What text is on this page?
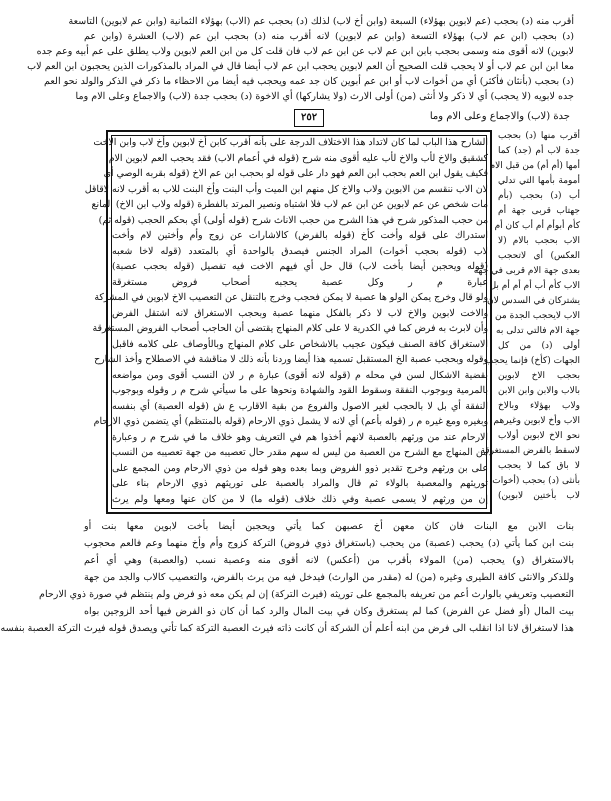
أقرب منه (د) بحجب (عم لابوين بهؤلاء) السبعة (وابن أخ لاب) لذلك (د) بحجب عم (الاب) بهؤلاء الثمانية (وابن عم لابوين) التاسعة
(د) بحجب (ابن عم لاب) بهؤلاء التسعة (وابن عم لابوين) لانه أقرب منه (د) بحجب ابن عم (لاب) العشرة (وابن عم
لابوين) لانه أقوى منه وسمى بحجب بابن ابن عم لاب عن ابن عم لاب فان قلت كل من ابن العم لابوين ولاب يطلق على عم أبيه وعم جده
معا ابن ابن عم لاب أو لا يحجب قلت الصحيح أن العم لابوين يحجب ابن عم لاب أيضا قال في المراد بالمذكورات الذين يحجبون ابن العم لاب
(د) بحجب (بأنثان فأكثر) أي من أخوات لاب أو ابن عم أبوين كان جد عمه ويحجب فيه أيضا من الاحظاء ما ذكر في الذكر والولد نحو العم
جده لابويه (لا يحجب) أي لا ذكر ولا أنثى (من) أولى الارث (ولا يشاركها) أي الاخوة (د) بحجب جدة (لاب) والاجماع وعلى الام وما
جدة (لاب) والاجماع وعلى الام وما
٢٥٢
أقرب منها (د) بحجب
جدة لاب أم (جد) كما
أمها (أم أم) من قبل الام
أمومة بأمها التي تدلي
أب (د) بحجب (بأم
جهتاب قربى جهة أم
كأم أبوأم أم أب كان أم
الاب بحجب بالام (لا
العكس) أي لاتحجب
بعدى جهة الام قربى في جهة
الاب كأم أب أم أم أم بل
يشتركان في السدس لان
الاب لايحجب الجدة من
جهة الام فالتي تدلى به
أولى (د) من كل
الجهات (كأخ) فإنما يحجب
بحجب الاخ لابوين
بالاب والابن وابن الابن
ولاب بهؤلاء وبالاخ
الاب وأخ لابوين وغيرهم
نحو الاخ لابوين أولاب
لاسقط بالفرض المستغرقة
لا باق كما لا يحجب
بأنثى (د) بحجب (أخوات
لاب بأختين لابوين)
الشارح هذا الباب لما كان لاتداد هذا الاختلاف الدرجة على بأنه أقرب كابن أخ لابوين وأخ لاب وابن الاخت
كشقيق والاخ لأب والاخ لأب عليه أقوى منه شرح (قوله في أعمام الاب) فقد يحجب العم لابوين الام
فكيف يقول ابن العم بحجب ابن العم فهو دار على قوله لو بحجب ابن عم الاخ (قوله بقربه الوصي أي
لان الاب ننقسم من الابوين ولاب والاخ كل منهم ابن الميت وأب البنت وأخ البنت للاب به أقرب لانه لاقاقل
مات شخص عن عم لابوين عن ابن عم لاب فلا اشتباه ونصير المرتد بالفطرة (قوله ولاب ابن الاخ) المانع
من حجب المذكور شرح في هذا الشرح من حجب الاناث شرح (قوله أولى) أي بحكم الحجب (قوله ثم)
استدراك على قوله وأخت كأخ (قوله بالفرض) كالاشارات عن زوج وأم وأختين لام وأخت
لاب (قوله بحجب أخوات) المراد الجنس فيصدق بالواحدة أي بالمتعدد (قوله لاخا شعبه
(قوله ويحجبن أيضا بأخت لاب) قال حل أي فيهم الاخت فيه تفصيل (قوله بحجب عصبة)
عبارة م ر وكل عصبة يحجبه أصحاب فروض مستغرقة
ولو قال وخرج يمكن الولو ها عصبة لا يمكن فحجب وخرج بالتنقل عن التعصيب الاخ لابوين في المشركة
والاخت لابوين والاخ لاب لا ذكر بالفكل منهما عصبة وبحجب الاستغراق لانه اشتقل الفرض
وأن لابرث به فرض كما في الكدرية لا على كلام المنهاج يقتضى أن الحاجب أصحاب الفروض المستغرقة
الاستغراق كافة الصنف فيكون عجيب بالاشخاص على كلام المنهاج وبالأوصاف على كلامه فاقبل
وقوله وبحجب عصبة الخ المستقبل تسميه هذا أيضا وردنا بأنه ذلك لا مناقشة في الاصطلاح وأخذ الشارح
بقضية الاشكال لسن في محله م (قوله لانه أقوى) عبارة م ر لان النسب أقوى ومن مواضعه
بالمرمية وبوجوب النفقة وسقوط القود والشهادة ونحوها على ما سيأتي شرح م ر وقوله وبوجوب
النفقة أي بل لا بالحجب لغير الاصول والفروع من بقية الاقارب ع ش (قوله العصبة) أي بنفسه
وبغيره ومع غيره م ر (قوله بأعم) أي لانه لا يشمل ذوي الارحام (قوله بالمنتظم) أي يتضمن ذوي الارحام
الارحام عند من ورثهم بالعصبة لانهم أخذوا هم في التعريف وهو خلاف ما في شرح م ر وعبارة
من المنهاج مع الشرح من العصبة من ليس له سهم مقدر حال تعصيبه من جهة تعصيبه من النسب
على بن ورثهم وخرج تقدير ذوو الفروض وبما بعده وهو قوله من ذوي الارحام ومن المجمع على
توريثهم والمعصبة بالولاء ثم قال والمراد بالعصبة على توريثهم ذوي الارحام بناء على
إن من ورثهم لا يسمى عصبة وفي ذلك خلاف (قوله ما) لا من كان عنها ومعها ولم يرث
بنات الابن مع البنات فان كان معهن أخ عصبهن كما يأتي ويحجبن أيضا بأخت لابوين معها بنت أو
بنت ابن كما يأتي (د) يحجب (عصبة) من يحجب (باستغراق ذوي فروض) التركة كزوج وأم وأخ منهما وعم فالعم محجوب
بالاستغراق (و) يحجب (من) المولاء بأقرب من (أعكس) لانه أقوى منه وعصبة نسب (والعصبة) وهي أي أعم
وللذكر والانثى كافة الطيرى وغيره (من) له (مقدر من الوارث) فيدخل فيه من يرث بالفرض، والتعصيب كالاب والجد من جهة
التعصيب وتعريفي بالوارث أعم من تعريفه بالمجمع على توريثه (فيرث التركة) إن لم يكن معه ذو فرض ولم ينتظم في صورة ذوي الارحام
بيت المال (أو فضل عن الفرض) كما لم يستغرق وكان في بيت المال والرد كما أن كان ذو الفرض فيها أحد الزوجين بواه
هذا لاستغراق لانا اذا انقلب الى فرض من ابنه أعلم أن الشركة أن كانت ذاته فيرث العصبة التركة كما تأتي ويصدق قوله فيرث التركة العصبة بنفسه
